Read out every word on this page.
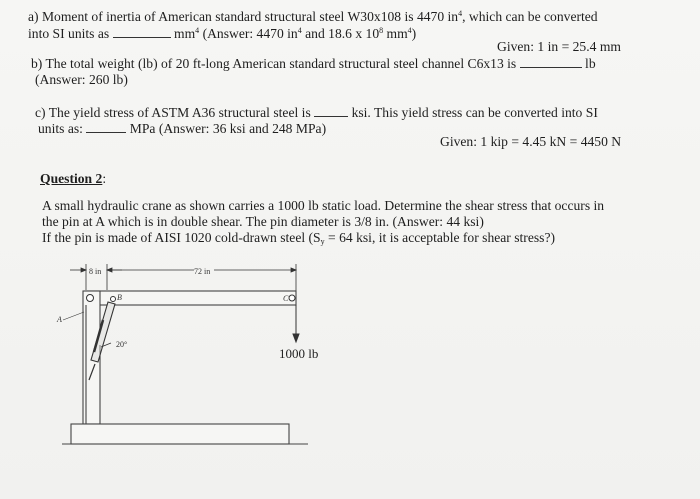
a) Moment of inertia of American standard structural steel W30x108 is 4470 $in^4$, which can be converted
into SI units as	$mm^4$ (Answer: 4470 $in^4$ and 18.6 x $10^8$ $mm^4$)
Given: 1 in = 25.4 mm
b) The total weight (lb) of 20 ft-long American standard structural steel channel C6x13 is	lb
(Answer: 260 lb)
c) The yield stress of ASTM A36 structural steel is	ksi. This yield stress can be converted into SI
units as:	MPa (Answer: 36 ksi and 248 MPa)
Given: 1 kip = 4.45 kN = 4450 N
Question 2:
A small hydraulic crane as shown carries a 1000 lb static load. Determine the shear stress that occurs in
the pin at A which is in double shear. The pin diameter is 3/8 in. (Answer: 44 ksi)
If the pin is made of AISI 1020 cold-drawn steel ($S_y = 64$ ksi, it is acceptable for shear stress?)
8 in	72 in
20°
A
B	C
1000 lb
